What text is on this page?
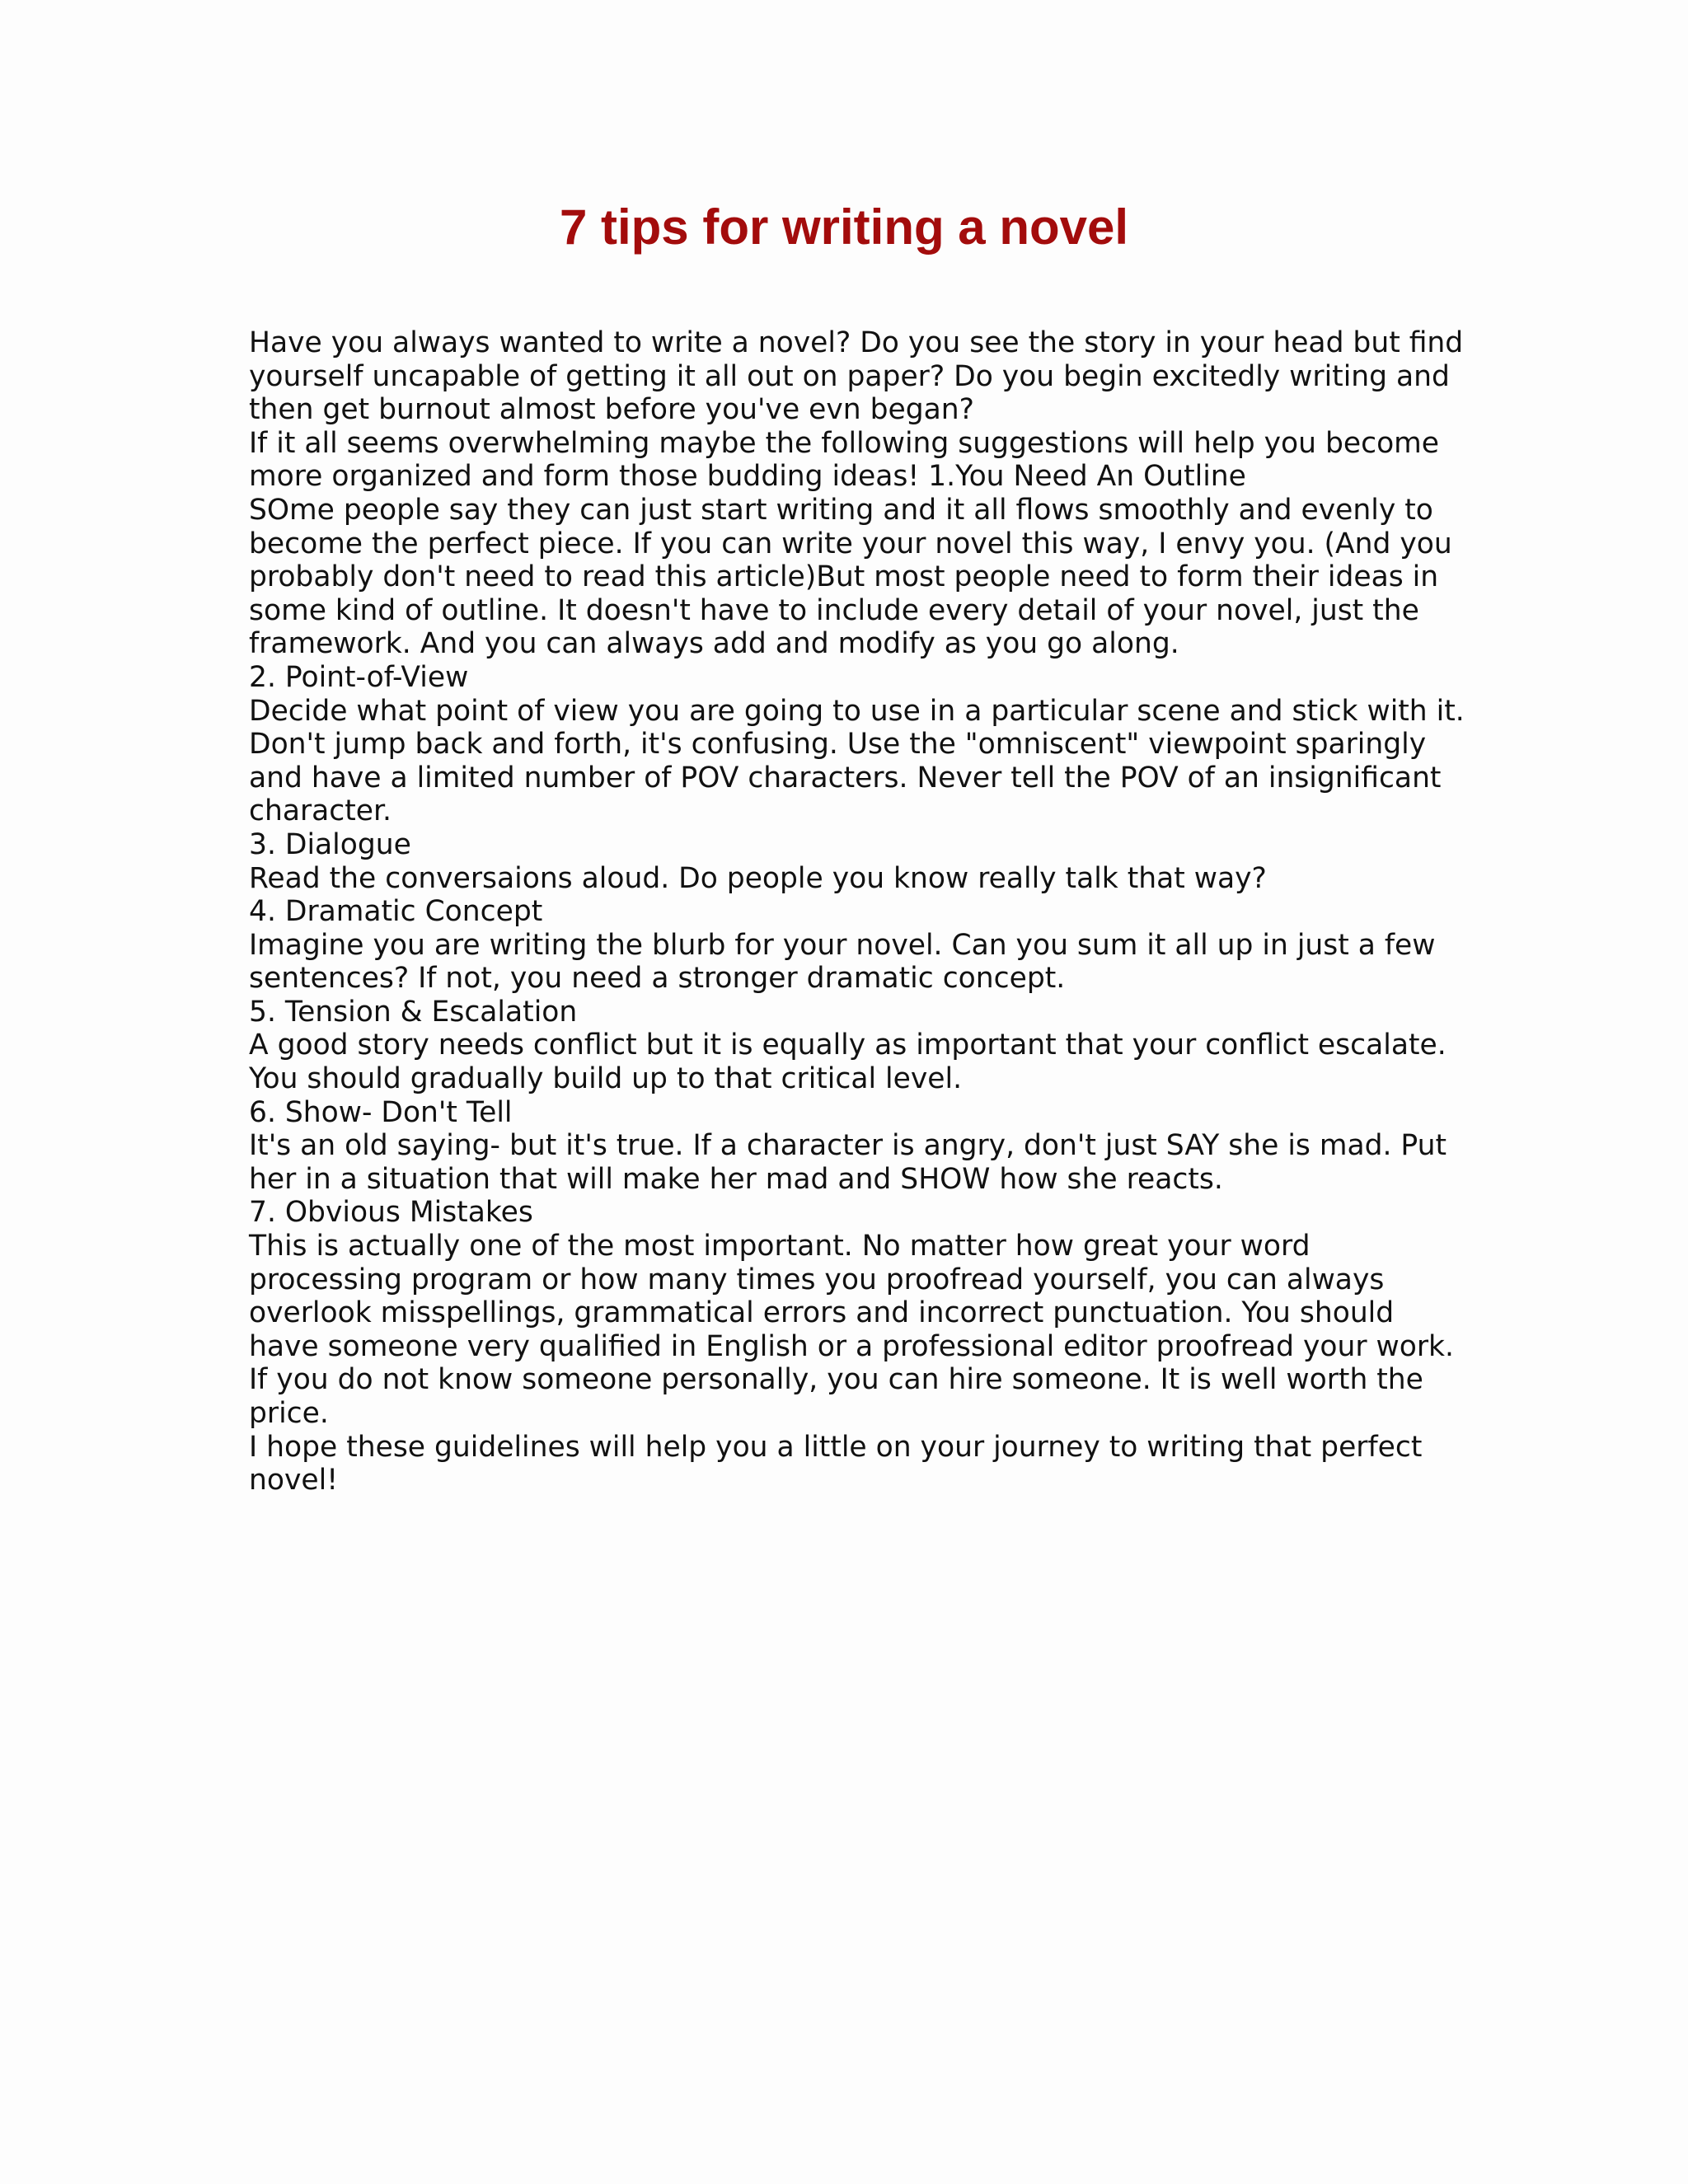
7 tips for writing a novel
Have you always wanted to write a novel? Do you see the story in your head but find
yourself uncapable of getting it all out on paper? Do you begin excitedly writing and
then get burnout almost before you've evn began?
If it all seems overwhelming maybe the following suggestions will help you become
more organized and form those budding ideas! 1.You Need An Outline
SOme people say they can just start writing and it all flows smoothly and evenly to
become the perfect piece. If you can write your novel this way, I envy you. (And you
probably don't need to read this article)But most people need to form their ideas in
some kind of outline. It doesn't have to include every detail of your novel, just the
framework. And you can always add and modify as you go along.
2. Point-of-View
Decide what point of view you are going to use in a particular scene and stick with it.
Don't jump back and forth, it's confusing. Use the "omniscent" viewpoint sparingly
and have a limited number of POV characters. Never tell the POV of an insignificant
character.
3. Dialogue
Read the conversaions aloud. Do people you know really talk that way?
4. Dramatic Concept
Imagine you are writing the blurb for your novel. Can you sum it all up in just a few
sentences? If not, you need a stronger dramatic concept.
5. Tension & Escalation
A good story needs conflict but it is equally as important that your conflict escalate.
You should gradually build up to that critical level.
6. Show- Don't Tell
It's an old saying- but it's true. If a character is angry, don't just SAY she is mad. Put
her in a situation that will make her mad and SHOW how she reacts.
7. Obvious Mistakes
This is actually one of the most important. No matter how great your word
processing program or how many times you proofread yourself, you can always
overlook misspellings, grammatical errors and incorrect punctuation. You should
have someone very qualified in English or a professional editor proofread your work.
If you do not know someone personally, you can hire someone. It is well worth the
price.
I hope these guidelines will help you a little on your journey to writing that perfect
novel!
